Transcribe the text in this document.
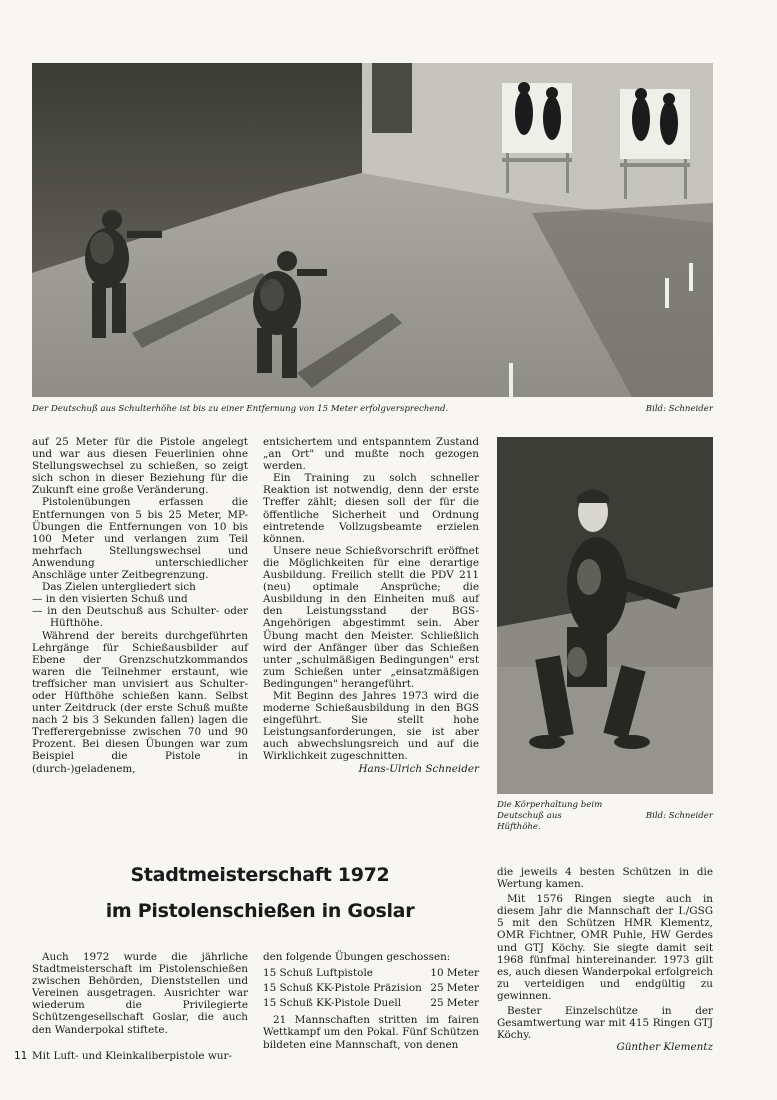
Der Deutschuß aus Schulterhöhe ist bis zu einer Entfernung von 15 Meter erfolgversprechend.	Bild: Schneider

auf 25 Meter für die Pistole angelegt und war aus diesen Feuerlinien ohne Stellungswechsel zu schießen, so zeigt sich schon in dieser Beziehung für die Zukunft eine große Veränderung.

Pistolenübungen erfassen die Entfernungen von 5 bis 25 Meter, MP-Übungen die Entfernungen von 10 bis 100 Meter und verlangen zum Teil mehrfach Stellungswechsel und Anwendung unterschiedlicher Anschläge unter Zeitbegrenzung.

Das Zielen untergliedert sich

— in den visierten Schuß und

— in den Deutschuß aus Schulter- oder Hüfthöhe.

Während der bereits durchgeführten Lehrgänge für Schießausbilder auf Ebene der Grenzschutzkommandos waren die Teilnehmer erstaunt, wie treffsicher man unvisiert aus Schulter- oder Hüfthöhe schießen kann. Selbst unter Zeitdruck (der erste Schuß mußte nach 2 bis 3 Sekunden fallen) lagen die Trefferergebnisse zwischen 70 und 90 Prozent. Bei diesen Übungen war zum Beispiel die Pistole in (durch-)geladenem,

entsichertem und entspanntem Zustand „an Ort" und mußte noch gezogen werden.

Ein Training zu solch schneller Reaktion ist notwendig, denn der erste Treffer zählt; diesen soll der für die öffentliche Sicherheit und Ordnung eintretende Vollzugsbeamte erzielen können.

Unsere neue Schießvorschrift eröffnet die Möglichkeiten für eine derartige Ausbildung. Freilich stellt die PDV 211 (neu) optimale Ansprüche; die Ausbildung in den Einheiten muß auf den Leistungsstand der BGS-Angehörigen abgestimmt sein. Aber Übung macht den Meister. Schließlich wird der Anfänger über das Schießen unter „schulmäßigen Bedingungen" erst zum Schießen unter „einsatzmäßigen Bedingungen" herangeführt.

Mit Beginn des Jahres 1973 wird die moderne Schießausbildung in den BGS eingeführt. Sie stellt hohe Leistungsanforderungen, sie ist aber auch abwechslungsreich und auf die Wirklichkeit zugeschnitten.

Hans-Ulrich Schneider

Die Körperhaltung beim Deutschuß aus Hüfthöhe.
Bild: Schneider
Stadtmeisterschaft 1972
im Pistolenschießen in Goslar

Auch 1972 wurde die jährliche Stadtmeisterschaft im Pistolenschießen zwischen Behörden, Dienststellen und Vereinen ausgetragen. Ausrichter war wiederum die Privilegierte Schützengesellschaft Goslar, die auch den Wanderpokal stiftete.

11 Mit Luft- und Kleinkaliberpistole wur-

den folgende Übungen geschossen:

15 Schuß Luftpistole	10 Meter
15 Schuß KK-Pistole Präzision	25 Meter
15 Schuß KK-Pistole Duell	25 Meter

21 Mannschaften stritten im fairen Wettkampf um den Pokal. Fünf Schützen bildeten eine Mannschaft, von denen

die jeweils 4 besten Schützen in die Wertung kamen.

Mit 1576 Ringen siegte auch in diesem Jahr die Mannschaft der I./GSG 5 mit den Schützen HMR Klementz, OMR Fichtner, OMR Puhle, HW Gerdes und GTJ Köchy. Sie siegte damit seit 1968 fünfmal hintereinander. 1973 gilt es, auch diesen Wanderpokal erfolgreich zu verteidigen und endgültig zu gewinnen.

Bester Einzelschütze in der Gesamtwertung war mit 415 Ringen GTJ Köchy.

Günther Klementz
